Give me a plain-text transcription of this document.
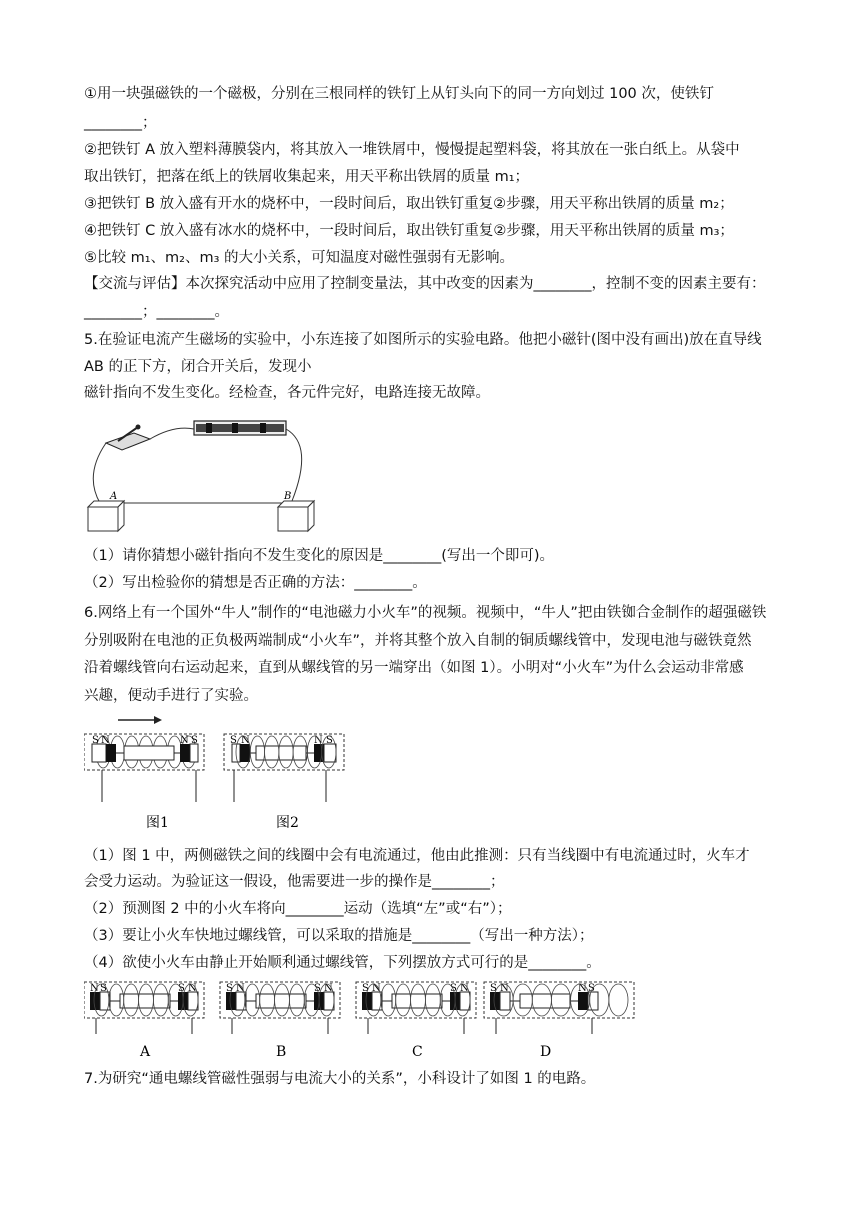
①用一块强磁铁的一个磁极，分别在三根同样的铁钉上从钉头向下的同一方向划过 100 次，使铁钉
________；
②把铁钉 A 放入塑料薄膜袋内，将其放入一堆铁屑中，慢慢提起塑料袋，将其放在一张白纸上。从袋中
取出铁钉，把落在纸上的铁屑收集起来，用天平称出铁屑的质量 m₁；
③把铁钉 B 放入盛有开水的烧杯中，一段时间后，取出铁钉重复②步骤，用天平称出铁屑的质量 m₂；
④把铁钉 C 放入盛有冰水的烧杯中，一段时间后，取出铁钉重复②步骤，用天平称出铁屑的质量 m₃；
⑤比较 m₁、m₂、m₃ 的大小关系，可知温度对磁性强弱有无影响。
【交流与评估】本次探究活动中应用了控制变量法，其中改变的因素为________，控制不变的因素主要有：
________；________。
5.在验证电流产生磁场的实验中，小东连接了如图所示的实验电路。他把小磁针(图中没有画出)放在直导线
AB 的正下方，闭合开关后，发现小
磁针指向不发生变化。经检查，各元件完好，电路连接无故障。
A	B
（1）请你猜想小磁针指向不发生变化的原因是________(写出一个即可)。
（2）写出检验你的猜想是否正确的方法：________。
6.网络上有一个国外“牛人”制作的“电池磁力小火车”的视频。视频中，“牛人”把由铁铷合金制作的超强磁铁
分别吸附在电池的正负极两端制成“小火车”，并将其整个放入自制的铜质螺线管中，发现电池与磁铁竟然
沿着螺线管向右运动起来，直到从螺线管的另一端穿出（如图 1）。小明对“小火车”为什么会运动非常感
兴趣，便动手进行了实验。
S N	N S	S N	N S
图1	图2
（1）图 1 中，两侧磁铁之间的线圈中会有电流通过，他由此推测：只有当线圈中有电流通过时，火车才
会受力运动。为验证这一假设，他需要进一步的操作是________；
（2）预测图 2 中的小火车将向________运动（选填“左”或“右”）；
（3）要让小火车快地过螺线管，可以采取的措施是________（写出一种方法）；
（4）欲使小火车由静止开始顺利通过螺线管，下列摆放方式可行的是________。
N S	S N
A
S N	S N
B
S N	S N
C
S N	N S
D
7.为研究“通电螺线管磁性强弱与电流大小的关系”，小科设计了如图 1 的电路。
